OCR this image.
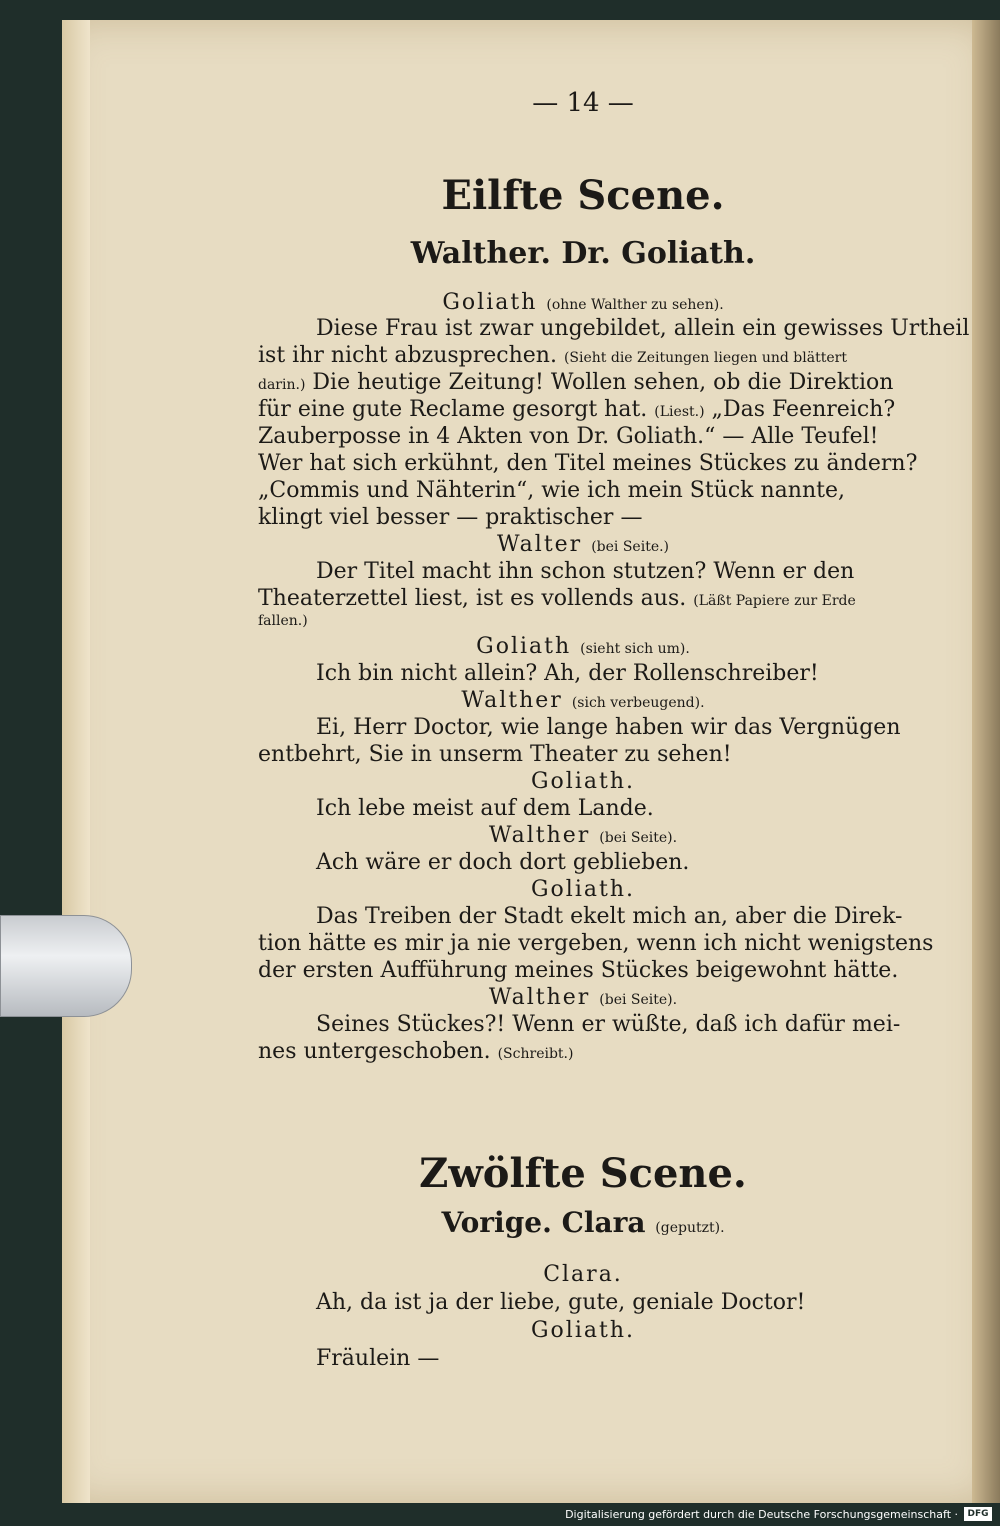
— 14 —
Eilfte Scene.
Walther. Dr. Goliath.
Goliath (ohne Walther zu sehen).
Diese Frau ist zwar ungebildet, allein ein gewisses Urtheil
ist ihr nicht abzusprechen. (Sieht die Zeitungen liegen und blättert
darin.) Die heutige Zeitung! Wollen sehen, ob die Direktion
für eine gute Reclame gesorgt hat. (Liest.) „Das Feenreich?
Zauberposse in 4 Akten von Dr. Goliath.“ — Alle Teufel!
Wer hat sich erkühnt, den Titel meines Stückes zu ändern?
„Commis und Nähterin“, wie ich mein Stück nannte,
klingt viel besser — praktischer —
Walter (bei Seite.)
Der Titel macht ihn schon stutzen? Wenn er den
Theaterzettel liest, ist es vollends aus. (Läßt Papiere zur Erde
fallen.)
Goliath (sieht sich um).
Ich bin nicht allein? Ah, der Rollenschreiber!
Walther (sich verbeugend).
Ei, Herr Doctor, wie lange haben wir das Vergnügen
entbehrt, Sie in unserm Theater zu sehen!
Goliath.
Ich lebe meist auf dem Lande.
Walther (bei Seite).
Ach wäre er doch dort geblieben.
Goliath.
Das Treiben der Stadt ekelt mich an, aber die Direk-
tion hätte es mir ja nie vergeben, wenn ich nicht wenigstens
der ersten Aufführung meines Stückes beigewohnt hätte.
Walther (bei Seite).
Seines Stückes?! Wenn er wüßte, daß ich dafür mei-
nes untergeschoben. (Schreibt.)
Zwölfte Scene.
Vorige. Clara (geputzt).
Clara.
Ah, da ist ja der liebe, gute, geniale Doctor!
Goliath.
Fräulein —
Digitalisierung gefördert durch die Deutsche Forschungsgemeinschaft ·	DFG
